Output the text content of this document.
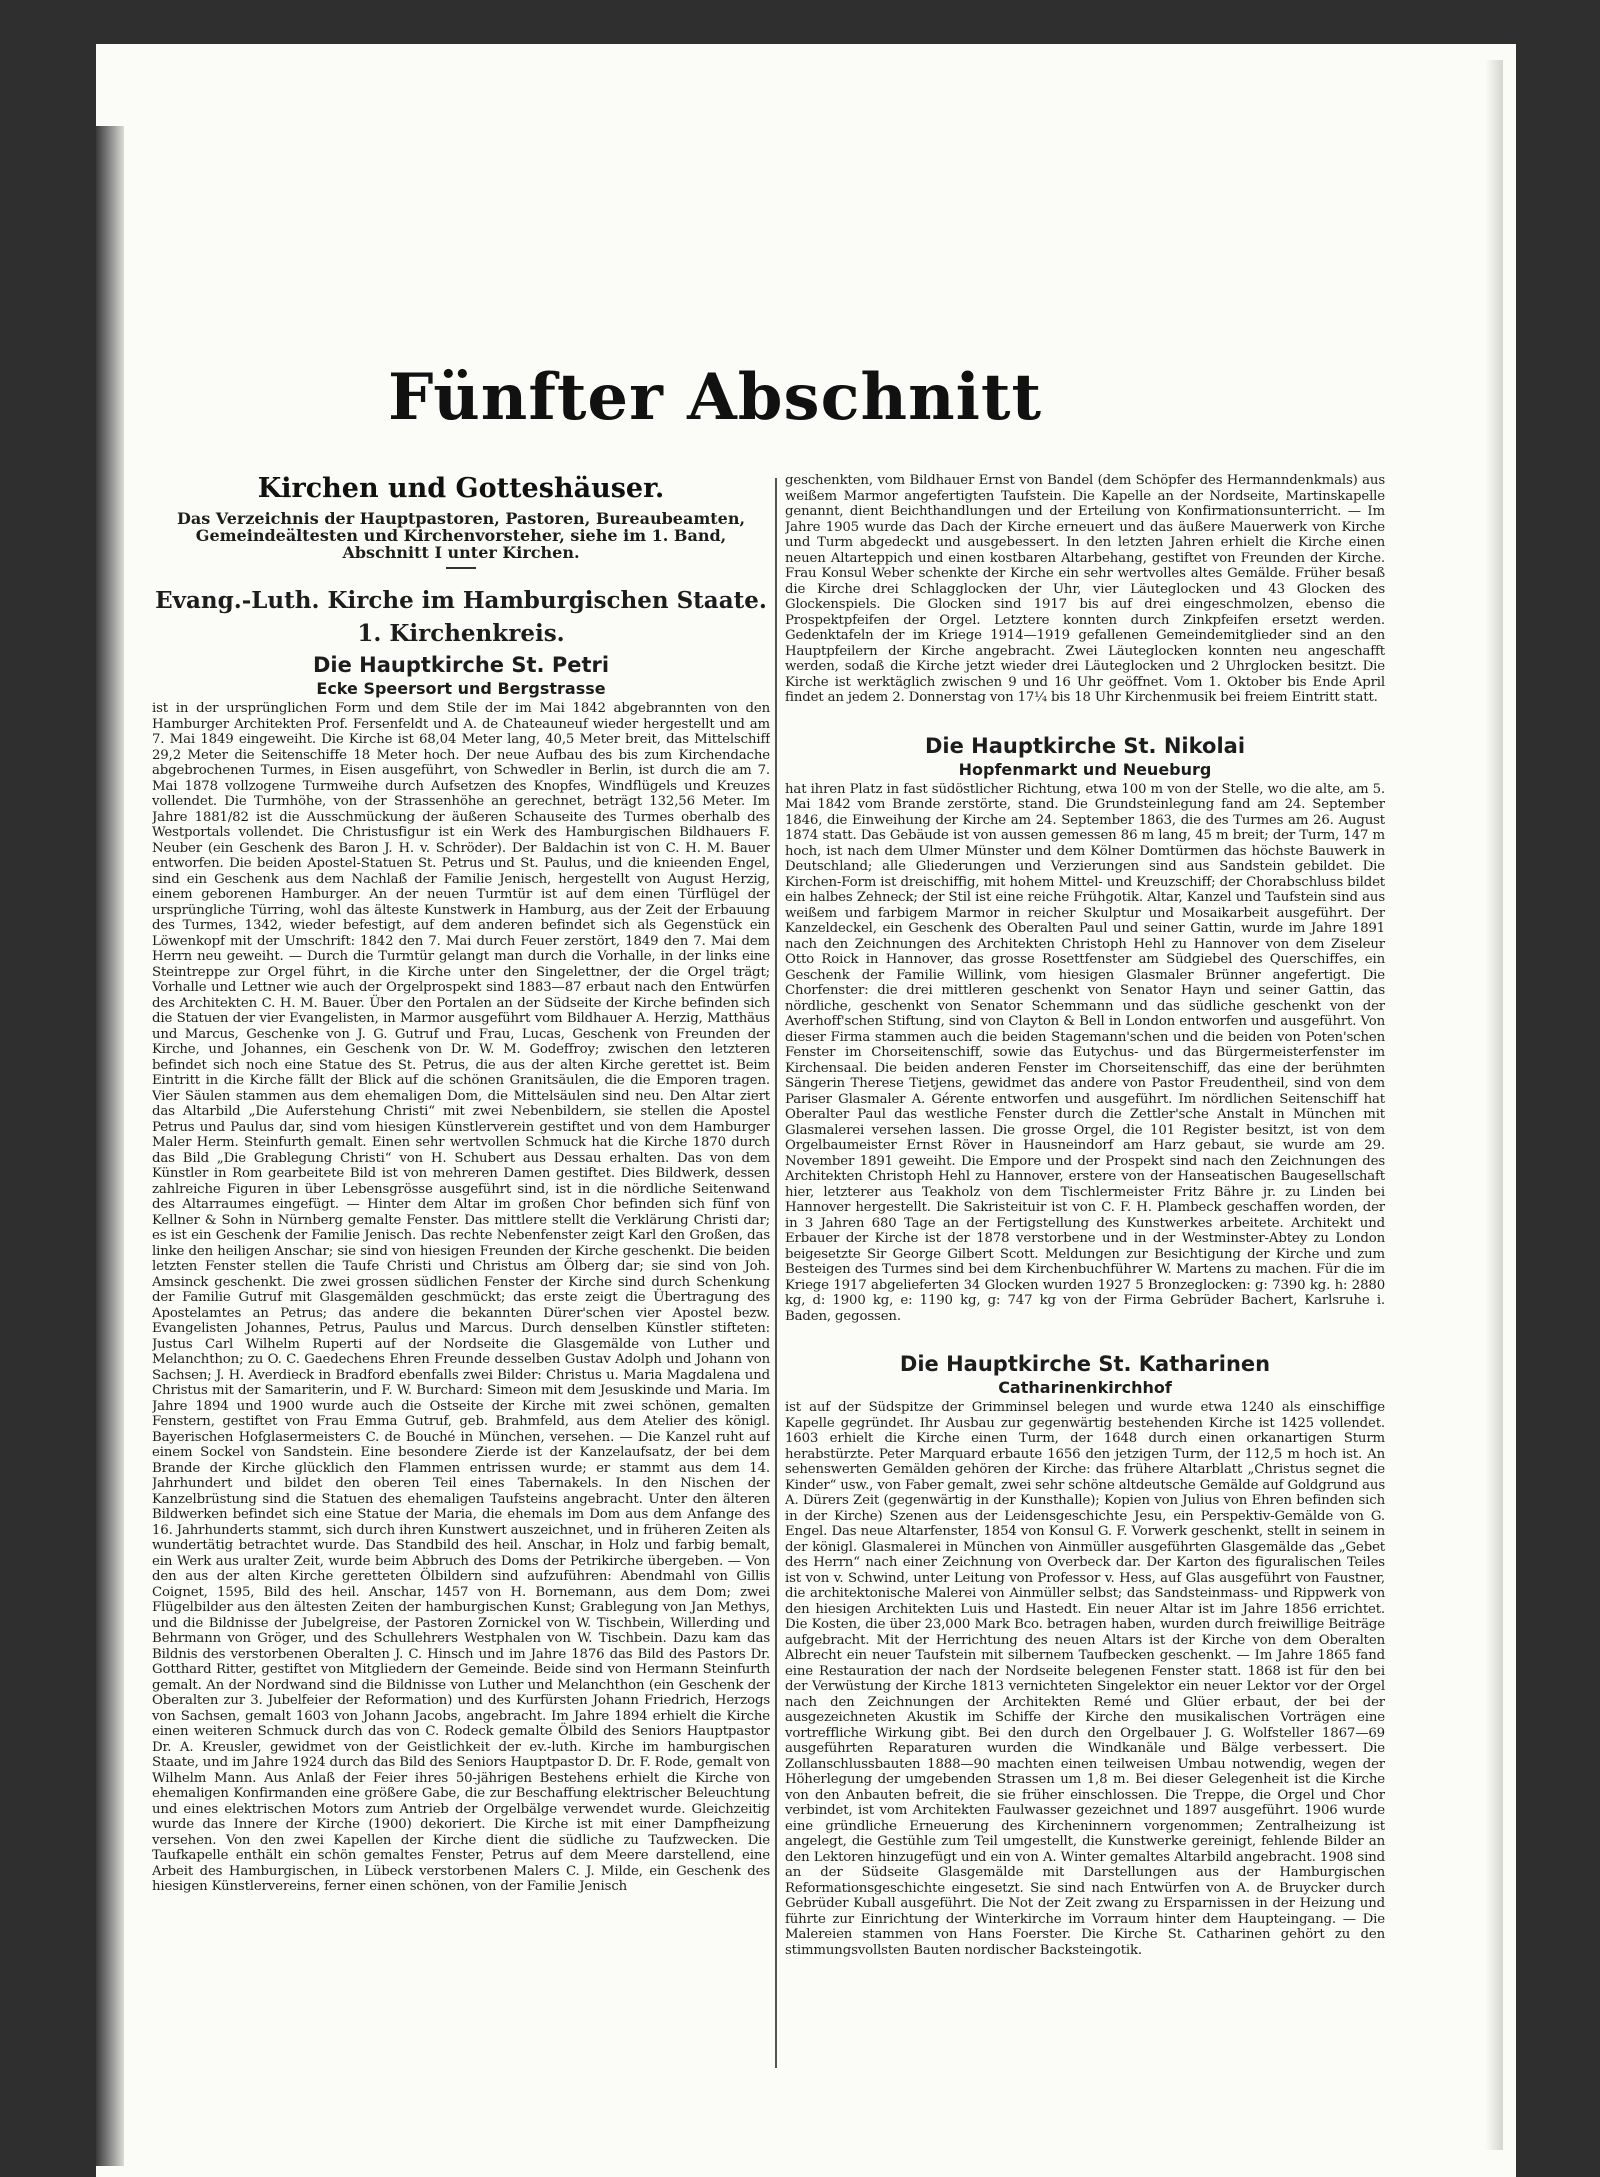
Fünfter Abschnitt
Kirchen und Gotteshäuser.

Das Verzeichnis der Hauptpastoren, Pastoren, Bureaubeamten, Gemeindeältesten und Kirchenvorsteher, siehe im 1. Band, Abschnitt I unter Kirchen.

Evang.-Luth. Kirche im Hamburgischen Staate.
1. Kirchenkreis.
Die Hauptkirche St. Petri
Ecke Speersort und Bergstrasse

ist in der ursprünglichen Form und dem Stile der im Mai 1842 abgebrannten von den Hamburger Architekten Prof. Fersenfeldt und A. de Chateauneuf wieder hergestellt und am 7. Mai 1849 eingeweiht. Die Kirche ist 68,04 Meter lang, 40,5 Meter breit, das Mittelschiff 29,2 Meter die Seitenschiffe 18 Meter hoch. Der neue Aufbau des bis zum Kirchendache abgebrochenen Turmes, in Eisen ausgeführt, von Schwedler in Berlin, ist durch die am 7. Mai 1878 vollzogene Turmweihe durch Aufsetzen des Knopfes, Windflügels und Kreuzes vollendet. Die Turmhöhe, von der Strassenhöhe an gerechnet, beträgt 132,56 Meter. Im Jahre 1881/82 ist die Ausschmückung der äußeren Schauseite des Turmes oberhalb des Westportals vollendet. Die Christusfigur ist ein Werk des Hamburgischen Bildhauers F. Neuber (ein Geschenk des Baron J. H. v. Schröder). Der Baldachin ist von C. H. M. Bauer entworfen. Die beiden Apostel-Statuen St. Petrus und St. Paulus, und die knieenden Engel, sind ein Geschenk aus dem Nachlaß der Familie Jenisch, hergestellt von August Herzig, einem geborenen Hamburger. An der neuen Turmtür ist auf dem einen Türflügel der ursprüngliche Türring, wohl das älteste Kunstwerk in Hamburg, aus der Zeit der Erbauung des Turmes, 1342, wieder befestigt, auf dem anderen befindet sich als Gegenstück ein Löwenkopf mit der Umschrift: 1842 den 7. Mai durch Feuer zerstört, 1849 den 7. Mai dem Herrn neu geweiht. — Durch die Turmtür gelangt man durch die Vorhalle, in der links eine Steintreppe zur Orgel führt, in die Kirche unter den Singelettner, der die Orgel trägt; Vorhalle und Lettner wie auch der Orgelprospekt sind 1883—87 erbaut nach den Entwürfen des Architekten C. H. M. Bauer. Über den Portalen an der Südseite der Kirche befinden sich die Statuen der vier Evangelisten, in Marmor ausgeführt vom Bildhauer A. Herzig, Matthäus und Marcus, Geschenke von J. G. Gutruf und Frau, Lucas, Geschenk von Freunden der Kirche, und Johannes, ein Geschenk von Dr. W. M. Godeffroy; zwischen den letzteren befindet sich noch eine Statue des St. Petrus, die aus der alten Kirche gerettet ist. Beim Eintritt in die Kirche fällt der Blick auf die schönen Granitsäulen, die die Emporen tragen. Vier Säulen stammen aus dem ehemaligen Dom, die Mittelsäulen sind neu. Den Altar ziert das Altarbild „Die Auferstehung Christi“ mit zwei Nebenbildern, sie stellen die Apostel Petrus und Paulus dar, sind vom hiesigen Künstlerverein gestiftet und von dem Hamburger Maler Herm. Steinfurth gemalt. Einen sehr wertvollen Schmuck hat die Kirche 1870 durch das Bild „Die Grablegung Christi“ von H. Schubert aus Dessau erhalten. Das von dem Künstler in Rom gearbeitete Bild ist von mehreren Damen gestiftet. Dies Bildwerk, dessen zahlreiche Figuren in über Lebensgrösse ausgeführt sind, ist in die nördliche Seitenwand des Altarraumes eingefügt. — Hinter dem Altar im großen Chor befinden sich fünf von Kellner & Sohn in Nürnberg gemalte Fenster. Das mittlere stellt die Verklärung Christi dar; es ist ein Geschenk der Familie Jenisch. Das rechte Nebenfenster zeigt Karl den Großen, das linke den heiligen Anschar; sie sind von hiesigen Freunden der Kirche geschenkt. Die beiden letzten Fenster stellen die Taufe Christi und Christus am Ölberg dar; sie sind von Joh. Amsinck geschenkt. Die zwei grossen südlichen Fenster der Kirche sind durch Schenkung der Familie Gutruf mit Glasgemälden geschmückt; das erste zeigt die Übertragung des Apostelamtes an Petrus; das andere die bekannten Dürer'schen vier Apostel bezw. Evangelisten Johannes, Petrus, Paulus und Marcus. Durch denselben Künstler stifteten: Justus Carl Wilhelm Ruperti auf der Nordseite die Glasgemälde von Luther und Melanchthon; zu O. C. Gaedechens Ehren Freunde desselben Gustav Adolph und Johann von Sachsen; J. H. Averdieck in Bradford ebenfalls zwei Bilder: Christus u. Maria Magdalena und Christus mit der Samariterin, und F. W. Burchard: Simeon mit dem Jesuskinde und Maria. Im Jahre 1894 und 1900 wurde auch die Ostseite der Kirche mit zwei schönen, gemalten Fenstern, gestiftet von Frau Emma Gutruf, geb. Brahmfeld, aus dem Atelier des königl. Bayerischen Hofglasermeisters C. de Bouché in München, versehen. — Die Kanzel ruht auf einem Sockel von Sandstein. Eine besondere Zierde ist der Kanzelaufsatz, der bei dem Brande der Kirche glücklich den Flammen entrissen wurde; er stammt aus dem 14. Jahrhundert und bildet den oberen Teil eines Tabernakels. In den Nischen der Kanzelbrüstung sind die Statuen des ehemaligen Taufsteins angebracht. Unter den älteren Bildwerken befindet sich eine Statue der Maria, die ehemals im Dom aus dem Anfange des 16. Jahrhunderts stammt, sich durch ihren Kunstwert auszeichnet, und in früheren Zeiten als wundertätig betrachtet wurde. Das Standbild des heil. Anschar, in Holz und farbig bemalt, ein Werk aus uralter Zeit, wurde beim Abbruch des Doms der Petrikirche übergeben. — Von den aus der alten Kirche geretteten Ölbildern sind aufzuführen: Abendmahl von Gillis Coignet, 1595, Bild des heil. Anschar, 1457 von H. Bornemann, aus dem Dom; zwei Flügelbilder aus den ältesten Zeiten der hamburgischen Kunst; Grablegung von Jan Methys, und die Bildnisse der Jubelgreise, der Pastoren Zornickel von W. Tischbein, Willerding und Behrmann von Gröger, und des Schullehrers Westphalen von W. Tischbein. Dazu kam das Bildnis des verstorbenen Oberalten J. C. Hinsch und im Jahre 1876 das Bild des Pastors Dr. Gotthard Ritter, gestiftet von Mitgliedern der Gemeinde. Beide sind von Hermann Steinfurth gemalt. An der Nordwand sind die Bildnisse von Luther und Melanchthon (ein Geschenk der Oberalten zur 3. Jubelfeier der Reformation) und des Kurfürsten Johann Friedrich, Herzogs von Sachsen, gemalt 1603 von Johann Jacobs, angebracht. Im Jahre 1894 erhielt die Kirche einen weiteren Schmuck durch das von C. Rodeck gemalte Ölbild des Seniors Hauptpastor Dr. A. Kreusler, gewidmet von der Geistlichkeit der ev.-luth. Kirche im hamburgischen Staate, und im Jahre 1924 durch das Bild des Seniors Hauptpastor D. Dr. F. Rode, gemalt von Wilhelm Mann. Aus Anlaß der Feier ihres 50-jährigen Bestehens erhielt die Kirche von ehemaligen Konfirmanden eine größere Gabe, die zur Beschaffung elektrischer Beleuchtung und eines elektrischen Motors zum Antrieb der Orgelbälge verwendet wurde. Gleichzeitig wurde das Innere der Kirche (1900) dekoriert. Die Kirche ist mit einer Dampfheizung versehen. Von den zwei Kapellen der Kirche dient die südliche zu Taufzwecken. Die Taufkapelle enthält ein schön gemaltes Fenster, Petrus auf dem Meere darstellend, eine Arbeit des Hamburgischen, in Lübeck verstorbenen Malers C. J. Milde, ein Geschenk des hiesigen Künstlervereins, ferner einen schönen, von der Familie Jenisch

geschenkten, vom Bildhauer Ernst von Bandel (dem Schöpfer des Hermanndenkmals) aus weißem Marmor angefertigten Taufstein. Die Kapelle an der Nordseite, Martinskapelle genannt, dient Beichthandlungen und der Erteilung von Konfirmationsunterricht. — Im Jahre 1905 wurde das Dach der Kirche erneuert und das äußere Mauerwerk von Kirche und Turm abgedeckt und ausgebessert. In den letzten Jahren erhielt die Kirche einen neuen Altarteppich und einen kostbaren Altarbehang, gestiftet von Freunden der Kirche. Frau Konsul Weber schenkte der Kirche ein sehr wertvolles altes Gemälde. Früher besaß die Kirche drei Schlagglocken der Uhr, vier Läuteglocken und 43 Glocken des Glockenspiels. Die Glocken sind 1917 bis auf drei eingeschmolzen, ebenso die Prospektpfeifen der Orgel. Letztere konnten durch Zinkpfeifen ersetzt werden. Gedenktafeln der im Kriege 1914—1919 gefallenen Gemeindemitglieder sind an den Hauptpfeilern der Kirche angebracht. Zwei Läuteglocken konnten neu angeschafft werden, sodaß die Kirche jetzt wieder drei Läuteglocken und 2 Uhrglocken besitzt. Die Kirche ist werktäglich zwischen 9 und 16 Uhr geöffnet. Vom 1. Oktober bis Ende April findet an jedem 2. Donnerstag von 17¼ bis 18 Uhr Kirchenmusik bei freiem Eintritt statt.

Die Hauptkirche St. Nikolai
Hopfenmarkt und Neueburg

hat ihren Platz in fast südöstlicher Richtung, etwa 100 m von der Stelle, wo die alte, am 5. Mai 1842 vom Brande zerstörte, stand. Die Grundsteinlegung fand am 24. September 1846, die Einweihung der Kirche am 24. September 1863, die des Turmes am 26. August 1874 statt. Das Gebäude ist von aussen gemessen 86 m lang, 45 m breit; der Turm, 147 m hoch, ist nach dem Ulmer Münster und dem Kölner Domtürmen das höchste Bauwerk in Deutschland; alle Gliederungen und Verzierungen sind aus Sandstein gebildet. Die Kirchen-Form ist dreischiffig, mit hohem Mittel- und Kreuzschiff; der Chorabschluss bildet ein halbes Zehneck; der Stil ist eine reiche Frühgotik. Altar, Kanzel und Taufstein sind aus weißem und farbigem Marmor in reicher Skulptur und Mosaikarbeit ausgeführt. Der Kanzeldeckel, ein Geschenk des Oberalten Paul und seiner Gattin, wurde im Jahre 1891 nach den Zeichnungen des Architekten Christoph Hehl zu Hannover von dem Ziseleur Otto Roick in Hannover, das grosse Rosettfenster am Südgiebel des Querschiffes, ein Geschenk der Familie Willink, vom hiesigen Glasmaler Brünner angefertigt. Die Chorfenster: die drei mittleren geschenkt von Senator Hayn und seiner Gattin, das nördliche, geschenkt von Senator Schemmann und das südliche geschenkt von der Averhoff'schen Stiftung, sind von Clayton & Bell in London entworfen und ausgeführt. Von dieser Firma stammen auch die beiden Stagemann'schen und die beiden von Poten'schen Fenster im Chorseitenschiff, sowie das Eutychus- und das Bürgermeisterfenster im Kirchensaal. Die beiden anderen Fenster im Chorseitenschiff, das eine der berühmten Sängerin Therese Tietjens, gewidmet das andere von Pastor Freudentheil, sind von dem Pariser Glasmaler A. Gérente entworfen und ausgeführt. Im nördlichen Seitenschiff hat Oberalter Paul das westliche Fenster durch die Zettler'sche Anstalt in München mit Glasmalerei versehen lassen. Die grosse Orgel, die 101 Register besitzt, ist von dem Orgelbaumeister Ernst Röver in Hausneindorf am Harz gebaut, sie wurde am 29. November 1891 geweiht. Die Empore und der Prospekt sind nach den Zeichnungen des Architekten Christoph Hehl zu Hannover, erstere von der Hanseatischen Baugesellschaft hier, letzterer aus Teakholz von dem Tischlermeister Fritz Bähre jr. zu Linden bei Hannover hergestellt. Die Sakristeituir ist von C. F. H. Plambeck geschaffen worden, der in 3 Jahren 680 Tage an der Fertigstellung des Kunstwerkes arbeitete. Architekt und Erbauer der Kirche ist der 1878 verstorbene und in der Westminster-Abtey zu London beigesetzte Sir George Gilbert Scott. Meldungen zur Besichtigung der Kirche und zum Besteigen des Turmes sind bei dem Kirchenbuchführer W. Martens zu machen. Für die im Kriege 1917 abgelieferten 34 Glocken wurden 1927 5 Bronzeglocken: g: 7390 kg. h: 2880 kg, d: 1900 kg, e: 1190 kg, g: 747 kg von der Firma Gebrüder Bachert, Karlsruhe i. Baden, gegossen.

Die Hauptkirche St. Katharinen
Catharinenkirchhof

ist auf der Südspitze der Grimminsel belegen und wurde etwa 1240 als einschiffige Kapelle gegründet. Ihr Ausbau zur gegenwärtig bestehenden Kirche ist 1425 vollendet. 1603 erhielt die Kirche einen Turm, der 1648 durch einen orkanartigen Sturm herabstürzte. Peter Marquard erbaute 1656 den jetzigen Turm, der 112,5 m hoch ist. An sehenswerten Gemälden gehören der Kirche: das frühere Altarblatt „Christus segnet die Kinder“ usw., von Faber gemalt, zwei sehr schöne altdeutsche Gemälde auf Goldgrund aus A. Dürers Zeit (gegenwärtig in der Kunsthalle); Kopien von Julius von Ehren befinden sich in der Kirche) Szenen aus der Leidensgeschichte Jesu, ein Perspektiv-Gemälde von G. Engel. Das neue Altarfenster, 1854 von Konsul G. F. Vorwerk geschenkt, stellt in seinem in der königl. Glasmalerei in München von Ainmüller ausgeführten Glasgemälde das „Gebet des Herrn“ nach einer Zeichnung von Overbeck dar. Der Karton des figuralischen Teiles ist von v. Schwind, unter Leitung von Professor v. Hess, auf Glas ausgeführt von Faustner, die architektonische Malerei von Ainmüller selbst; das Sandsteinmass- und Rippwerk von den hiesigen Architekten Luis und Hastedt. Ein neuer Altar ist im Jahre 1856 errichtet. Die Kosten, die über 23,000 Mark Bco. betragen haben, wurden durch freiwillige Beiträge aufgebracht. Mit der Herrichtung des neuen Altars ist der Kirche von dem Oberalten Albrecht ein neuer Taufstein mit silbernem Taufbecken geschenkt. — Im Jahre 1865 fand eine Restauration der nach der Nordseite belegenen Fenster statt. 1868 ist für den bei der Verwüstung der Kirche 1813 vernichteten Singelektor ein neuer Lektor vor der Orgel nach den Zeichnungen der Architekten Remé und Glüer erbaut, der bei der ausgezeichneten Akustik im Schiffe der Kirche den musikalischen Vorträgen eine vortreffliche Wirkung gibt. Bei den durch den Orgelbauer J. G. Wolfsteller 1867—69 ausgeführten Reparaturen wurden die Windkanäle und Bälge verbessert. Die Zollanschlussbauten 1888—90 machten einen teilweisen Umbau notwendig, wegen der Höherlegung der umgebenden Strassen um 1,8 m. Bei dieser Gelegenheit ist die Kirche von den Anbauten befreit, die sie früher einschlossen. Die Treppe, die Orgel und Chor verbindet, ist vom Architekten Faulwasser gezeichnet und 1897 ausgeführt. 1906 wurde eine gründliche Erneuerung des Kircheninnern vorgenommen; Zentralheizung ist angelegt, die Gestühle zum Teil umgestellt, die Kunstwerke gereinigt, fehlende Bilder an den Lektoren hinzugefügt und ein von A. Winter gemaltes Altarbild angebracht. 1908 sind an der Südseite Glasgemälde mit Darstellungen aus der Hamburgischen Reformationsgeschichte eingesetzt. Sie sind nach Entwürfen von A. de Bruycker durch Gebrüder Kuball ausgeführt. Die Not der Zeit zwang zu Ersparnissen in der Heizung und führte zur Einrichtung der Winterkirche im Vorraum hinter dem Haupteingang. — Die Malereien stammen von Hans Foerster. Die Kirche St. Catharinen gehört zu den stimmungsvollsten Bauten nordischer Backsteingotik.
